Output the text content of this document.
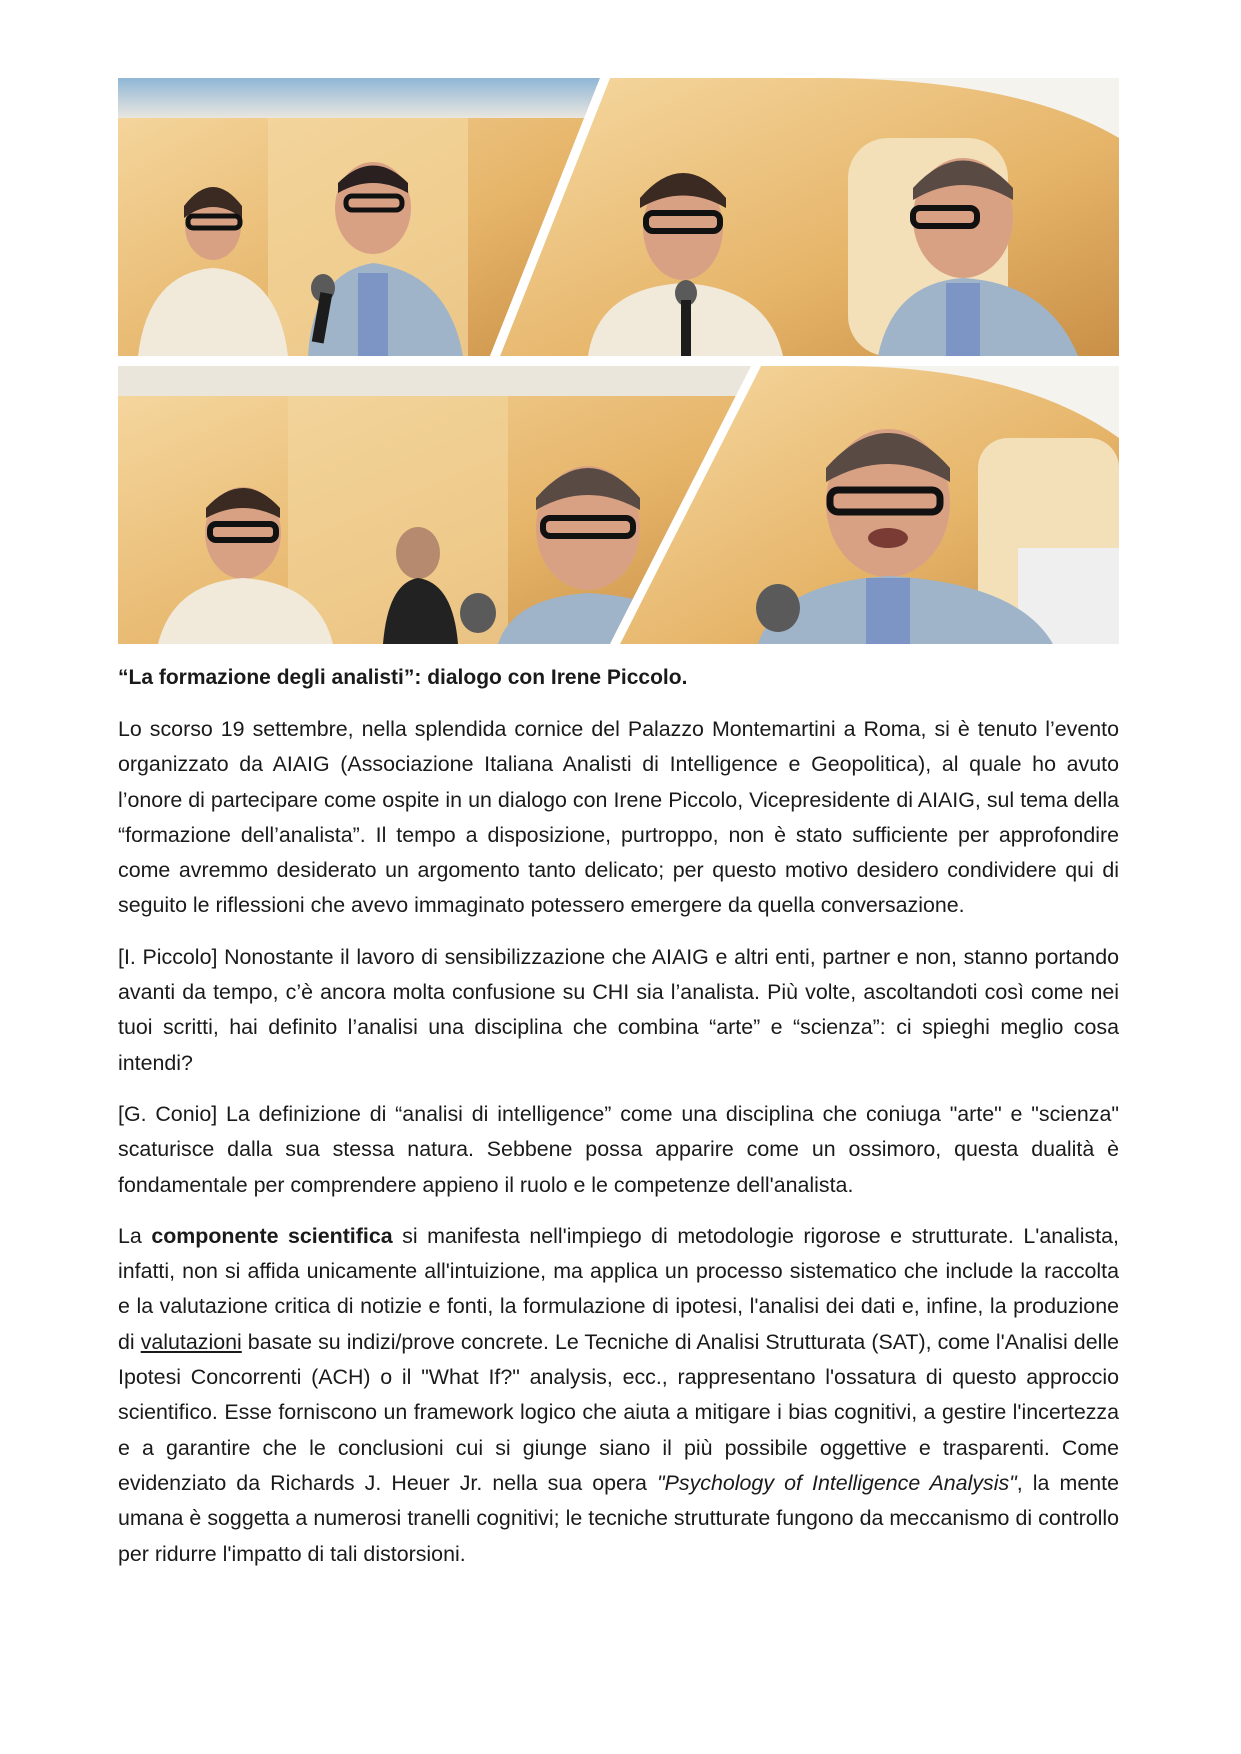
“La formazione degli analisti”: dialogo con Irene Piccolo.

Lo scorso 19 settembre, nella splendida cornice del Palazzo Montemartini a Roma, si è tenuto l’evento organizzato da AIAIG (Associazione Italiana Analisti di Intelligence e Geopolitica), al quale ho avuto l’onore di partecipare come ospite in un dialogo con Irene Piccolo, Vicepresidente di AIAIG, sul tema della “formazione dell’analista”. Il tempo a disposizione, purtroppo, non è stato sufficiente per approfondire come avremmo desiderato un argomento tanto delicato; per questo motivo desidero condividere qui di seguito le riflessioni che avevo immaginato potessero emergere da quella conversazione.

[I. Piccolo] Nonostante il lavoro di sensibilizzazione che AIAIG e altri enti, partner e non, stanno portando avanti da tempo, c’è ancora molta confusione su CHI sia l’analista. Più volte, ascoltandoti così come nei tuoi scritti, hai definito l’analisi una disciplina che combina “arte” e “scienza”: ci spieghi meglio cosa intendi?

[G. Conio] La definizione di “analisi di intelligence” come una disciplina che coniuga "arte" e "scienza" scaturisce dalla sua stessa natura. Sebbene possa apparire come un ossimoro, questa dualità è fondamentale per comprendere appieno il ruolo e le competenze dell'analista.

La componente scientifica si manifesta nell'impiego di metodologie rigorose e strutturate. L'analista, infatti, non si affida unicamente all'intuizione, ma applica un processo sistematico che include la raccolta e la valutazione critica di notizie e fonti, la formulazione di ipotesi, l'analisi dei dati e, infine, la produzione di valutazioni basate su indizi/prove concrete. Le Tecniche di Analisi Strutturata (SAT), come l'Analisi delle Ipotesi Concorrenti (ACH) o il "What If?" analysis, ecc., rappresentano l'ossatura di questo approccio scientifico. Esse forniscono un framework logico che aiuta a mitigare i bias cognitivi, a gestire l'incertezza e a garantire che le conclusioni cui si giunge siano il più possibile oggettive e trasparenti. Come evidenziato da Richards J. Heuer Jr. nella sua opera "Psychology of Intelligence Analysis", la mente umana è soggetta a numerosi tranelli cognitivi; le tecniche strutturate fungono da meccanismo di controllo per ridurre l'impatto di tali distorsioni.
